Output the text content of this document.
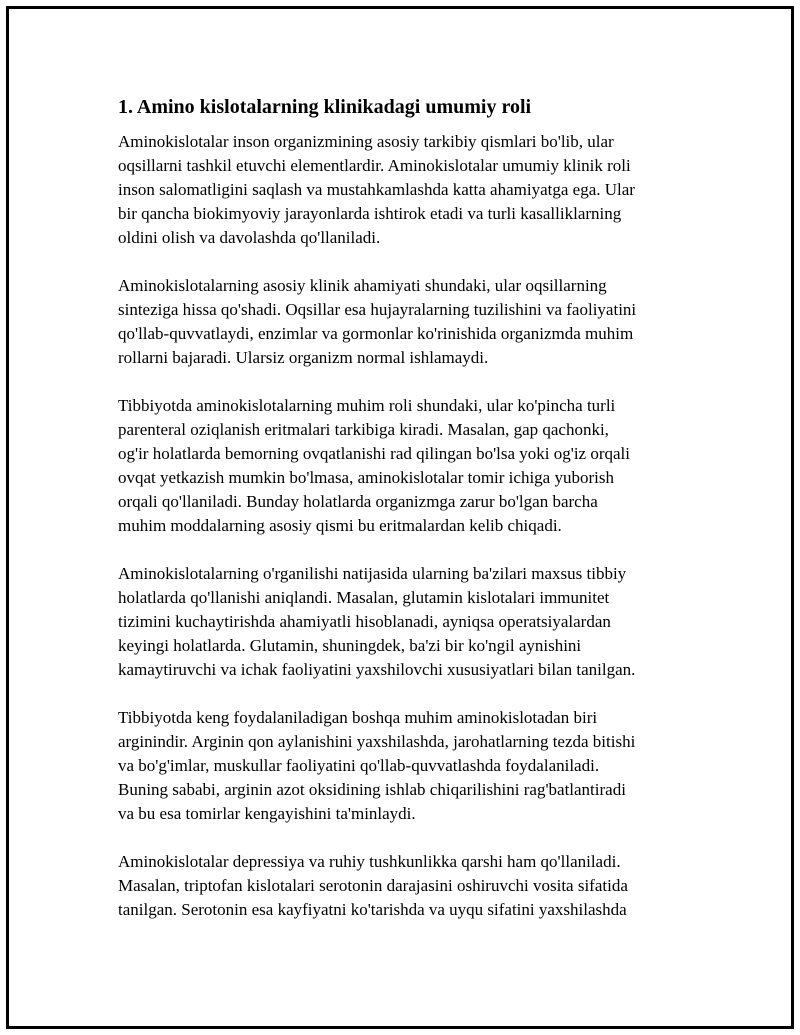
1. Amino kislotalarning klinikadagi umumiy roli

Aminokislotalar inson organizmining asosiy tarkibiy qismlari bo'lib, ular
oqsillarni tashkil etuvchi elementlardir. Aminokislotalar umumiy klinik roli
inson salomatligini saqlash va mustahkamlashda katta ahamiyatga ega. Ular
bir qancha biokimyoviy jarayonlarda ishtirok etadi va turli kasalliklarning
oldini olish va davolashda qo'llaniladi.

Aminokislotalarning asosiy klinik ahamiyati shundaki, ular oqsillarning
sinteziga hissa qo'shadi. Oqsillar esa hujayralarning tuzilishini va faoliyatini
qo'llab-quvvatlaydi, enzimlar va gormonlar ko'rinishida organizmda muhim
rollarni bajaradi. Ularsiz organizm normal ishlamaydi.

Tibbiyotda aminokislotalarning muhim roli shundaki, ular ko'pincha turli
parenteral oziqlanish eritmalari tarkibiga kiradi. Masalan, gap qachonki,
og'ir holatlarda bemorning ovqatlanishi rad qilingan bo'lsa yoki og'iz orqali
ovqat yetkazish mumkin bo'lmasa, aminokislotalar tomir ichiga yuborish
orqali qo'llaniladi. Bunday holatlarda organizmga zarur bo'lgan barcha
muhim moddalarning asosiy qismi bu eritmalardan kelib chiqadi.

Aminokislotalarning o'rganilishi natijasida ularning ba'zilari maxsus tibbiy
holatlarda qo'llanishi aniqlandi. Masalan, glutamin kislotalari immunitet
tizimini kuchaytirishda ahamiyatli hisoblanadi, ayniqsa operatsiyalardan
keyingi holatlarda. Glutamin, shuningdek, ba'zi bir ko'ngil aynishini
kamaytiruvchi va ichak faoliyatini yaxshilovchi xususiyatlari bilan tanilgan.

Tibbiyotda keng foydalaniladigan boshqa muhim aminokislotadan biri
arginindir. Arginin qon aylanishini yaxshilashda, jarohatlarning tezda bitishi
va bo'g'imlar, muskullar faoliyatini qo'llab-quvvatlashda foydalaniladi.
Buning sababi, arginin azot oksidining ishlab chiqarilishini rag'batlantiradi
va bu esa tomirlar kengayishini ta'minlaydi.

Aminokislotalar depressiya va ruhiy tushkunlikka qarshi ham qo'llaniladi.
Masalan, triptofan kislotalari serotonin darajasini oshiruvchi vosita sifatida
tanilgan. Serotonin esa kayfiyatni ko'tarishda va uyqu sifatini yaxshilashda
